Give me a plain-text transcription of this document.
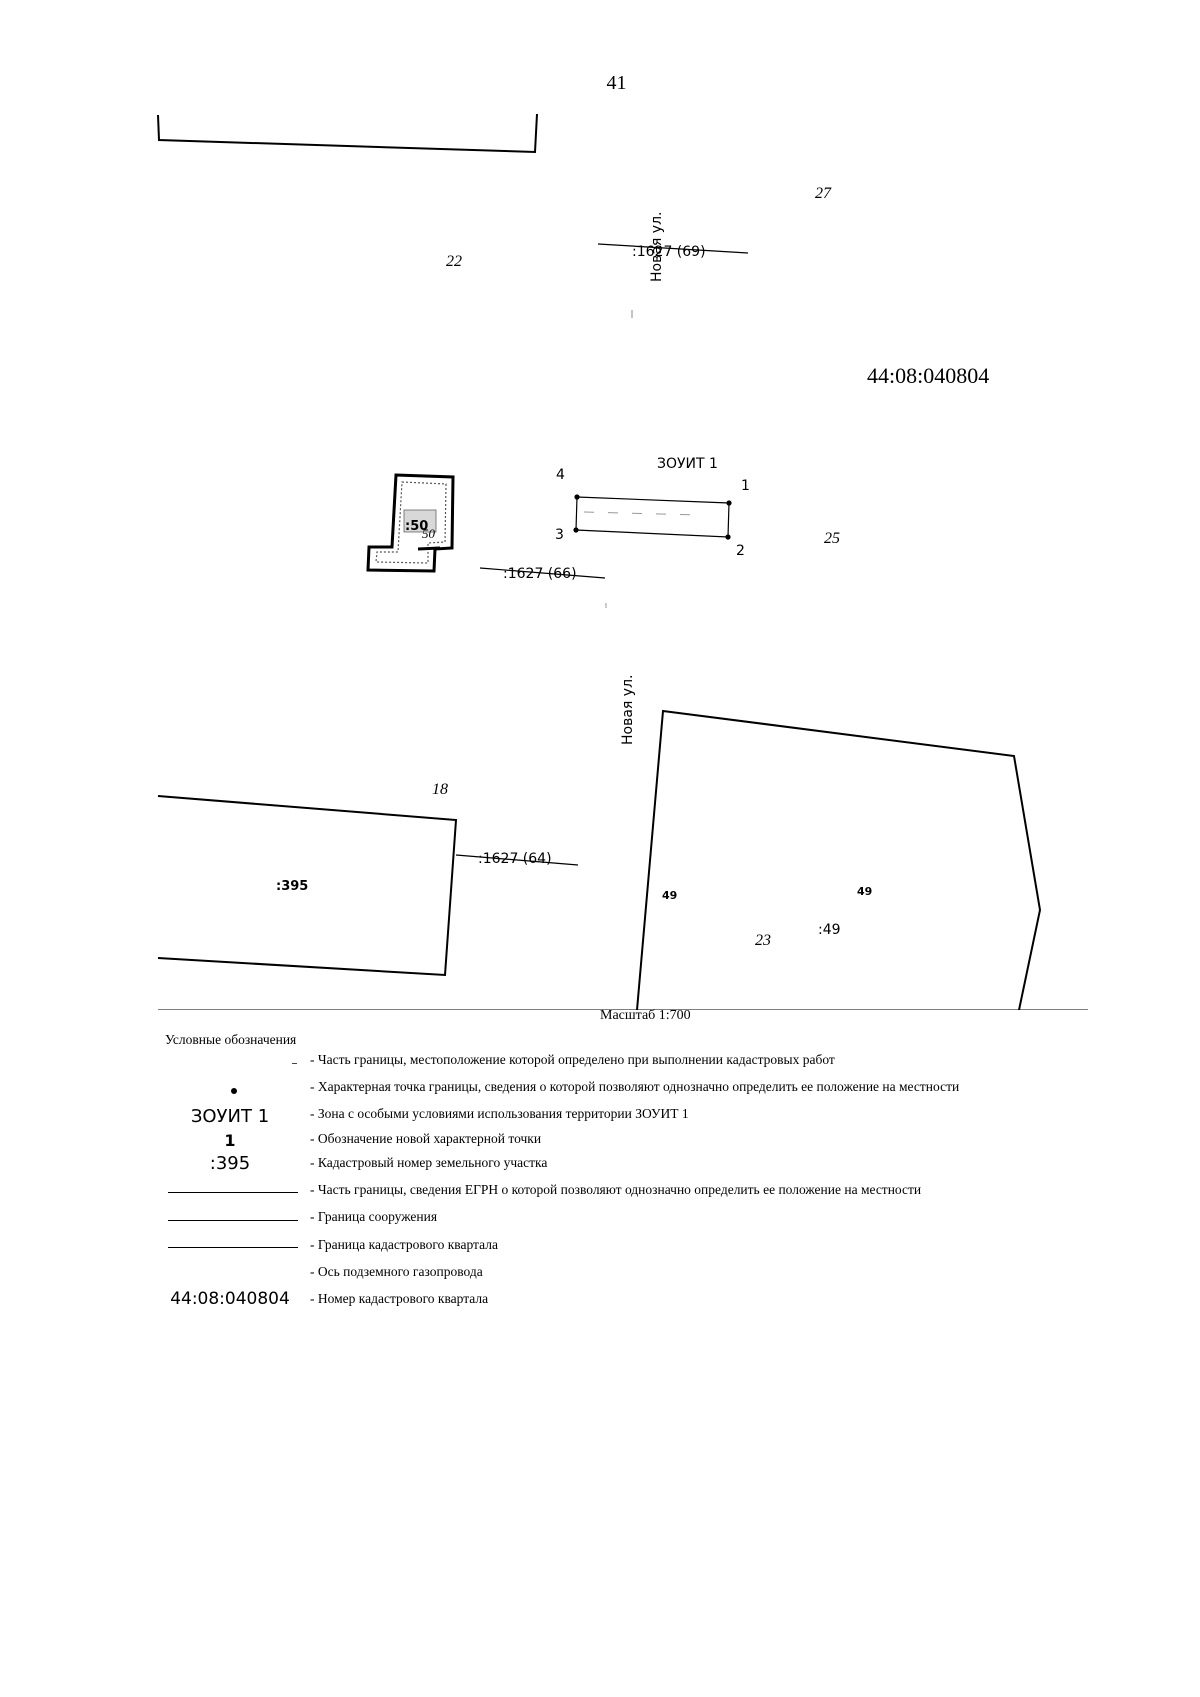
41
27
22
:1627 (69)
Новая ул.
44:08:040804
ЗОУИТ 1
4
1
3
2
25
:50
50
:1627 (66)
Новая ул.
18
:1627 (64)
:395
49	49
:49
23
Масштаб 1:700
Условные обозначения
- Часть границы, местоположение которой определено при выполнении кадастровых работ
- Характерная точка границы, сведения о которой позволяют однозначно определить ее положение на местности
ЗОУИТ 1	- Зона с особыми условиями использования территории ЗОУИТ 1
1	- Обозначение новой характерной точки
:395	- Кадастровый номер земельного участка
- Часть границы, сведения ЕГРН о которой позволяют однозначно определить ее положение на местности
- Граница сооружения
- Граница кадастрового квартала
- Ось подземного газопровода
44:08:040804	- Номер кадастрового квартала
